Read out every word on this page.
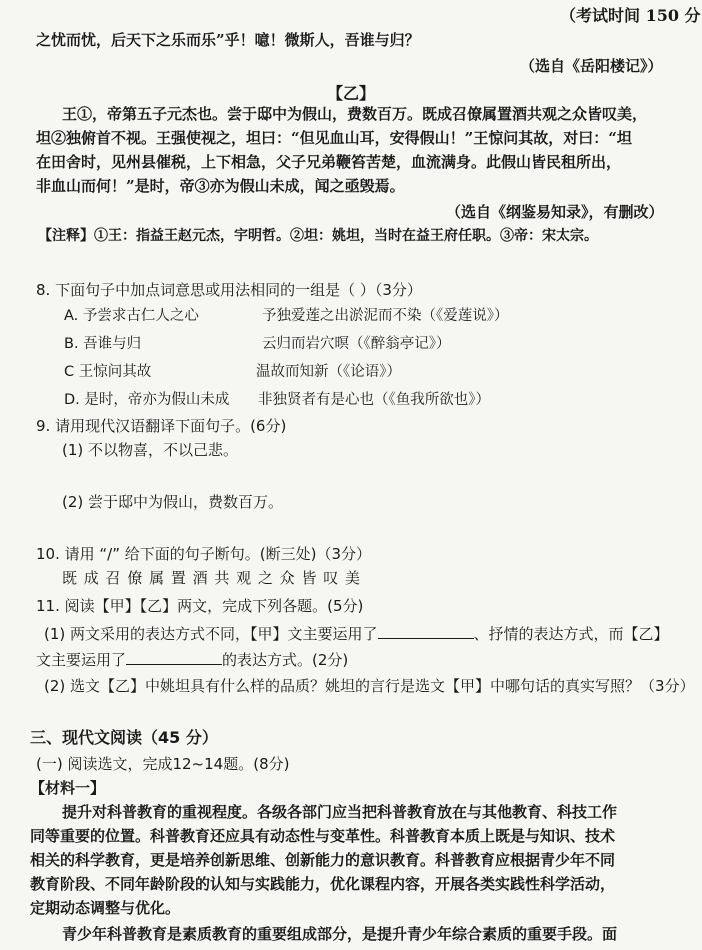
（考试时间 150 分
之忧而忧，后天下之乐而乐”乎！噫！微斯人，吾谁与归？
（选自《岳阳楼记》）
【乙】
王①，帝第五子元杰也。尝于邸中为假山，费数百万。既成召僚属置酒共观之众皆叹美，
坦②独俯首不视。王强使视之，坦曰：“但见血山耳，安得假山！”王惊问其故，对曰：“坦
在田舍时，见州县催税，上下相急，父子兄弟鞭笞苦楚，血流满身。此假山皆民租所出，
非血山而何！”是时，帝③亦为假山未成，闻之亟毁焉。
（选自《纲鉴易知录》，有删改）
【注释】①王：指益王赵元杰，宇明哲。②坦：姚坦，当时在益王府任职。③帝：宋太宗。
8. 下面句子中加点词意思或用法相同的一组是（ ）（3分）
A. 予尝求古仁人之心	予独爱莲之出淤泥而不染（《爱莲说》）
B. 吾谁与归	云归而岩穴暝（《醉翁亭记》）
C 王惊问其故	温故而知新（《论语》）
D. 是时，帝亦为假山未成 非独贤者有是心也（《鱼我所欲也》）
9. 请用现代汉语翻译下面句子。(6分)
(1) 不以物喜，不以己悲。
(2) 尝于邸中为假山，费数百万。
10. 请用 “/” 给下面的句子断句。(断三处)（3分）
既 成 召 僚 属 置 酒 共 观 之 众 皆 叹 美
11. 阅读【甲】【乙】两文，完成下列各题。(5分)
(1) 两文采用的表达方式不同，【甲】文主要运用了	、抒情的表达方式，而【乙】
文主要运用了	的表达方式。(2分)
(2) 选文【乙】中姚坦具有什么样的品质？姚坦的言行是选文【甲】中哪句话的真实写照？（3分）
三、现代文阅读（45 分）
(一) 阅读选文，完成12~14题。(8分)
【材料一】
提升对科普教育的重视程度。各级各部门应当把科普教育放在与其他教育、科技工作
同等重要的位置。科普教育还应具有动态性与变革性。科普教育本质上既是与知识、技术
相关的科学教育，更是培养创新思维、创新能力的意识教育。科普教育应根据青少年不同
教育阶段、不同年龄阶段的认知与实践能力，优化课程内容，开展各类实践性科学活动，
定期动态调整与优化。
青少年科普教育是素质教育的重要组成部分，是提升青少年综合素质的重要手段。面
